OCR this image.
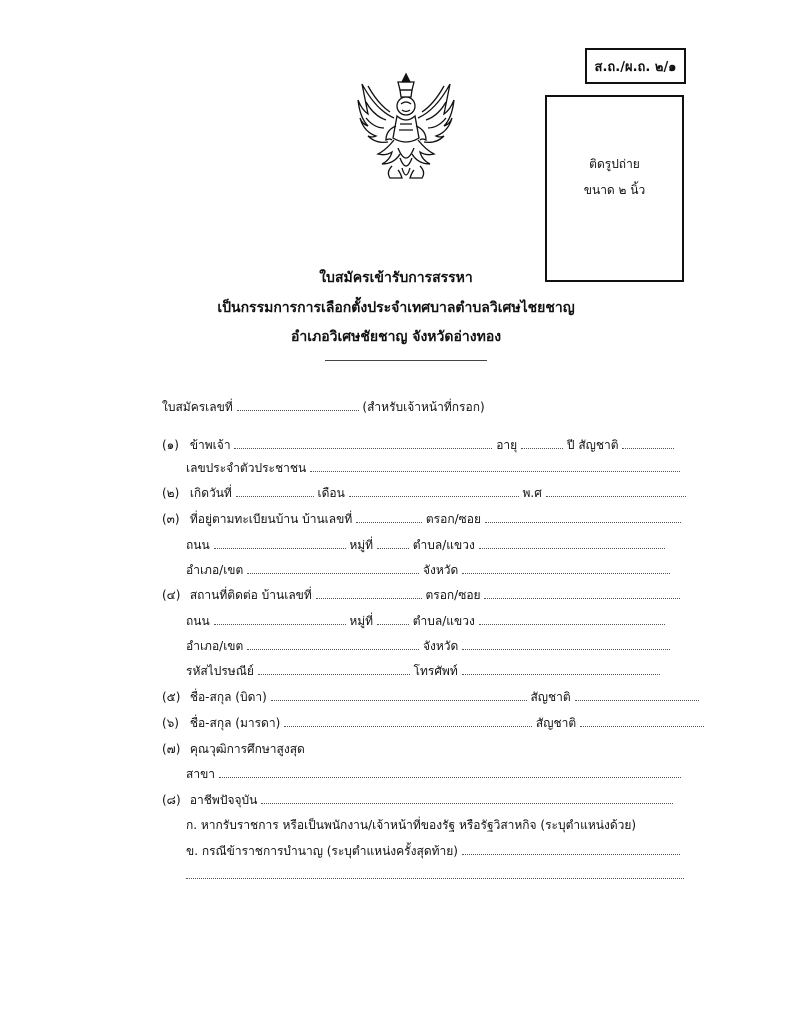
ส.ถ./ผ.ถ. ๒/๑
ติดรูปถ่าย
ขนาด ๒ นิ้ว
ใบสมัครเข้ารับการสรรหา
เป็นกรรมการการเลือกตั้งประจำเทศบาลตำบลวิเศษไชยชาญ
อำเภอวิเศษชัยชาญ จังหวัดอ่างทอง
ใบสมัครเลขที่	(สำหรับเจ้าหน้าที่กรอก)
(๑) ข้าพเจ้า	อายุ	ปี สัญชาติ
เลขประจำตัวประชาชน
(๒) เกิดวันที่	เดือน	พ.ศ
(๓) ที่อยู่ตามทะเบียนบ้าน บ้านเลขที่	ตรอก/ซอย
ถนน	หมู่ที่	ตำบล/แขวง
อำเภอ/เขต	จังหวัด
(๔) สถานที่ติดต่อ บ้านเลขที่	ตรอก/ซอย
ถนน	หมู่ที่	ตำบล/แขวง
อำเภอ/เขต	จังหวัด
รหัสไปรษณีย์	โทรศัพท์
(๕) ชื่อ-สกุล (บิดา)	สัญชาติ
(๖) ชื่อ-สกุล (มารดา)	สัญชาติ
(๗) คุณวุฒิการศึกษาสูงสุด
สาขา
(๘) อาชีพปัจจุบัน
ก. หากรับราชการ หรือเป็นพนักงาน/เจ้าหน้าที่ของรัฐ หรือรัฐวิสาหกิจ (ระบุตำแหน่งด้วย)
ข. กรณีข้าราชการบำนาญ (ระบุตำแหน่งครั้งสุดท้าย)
